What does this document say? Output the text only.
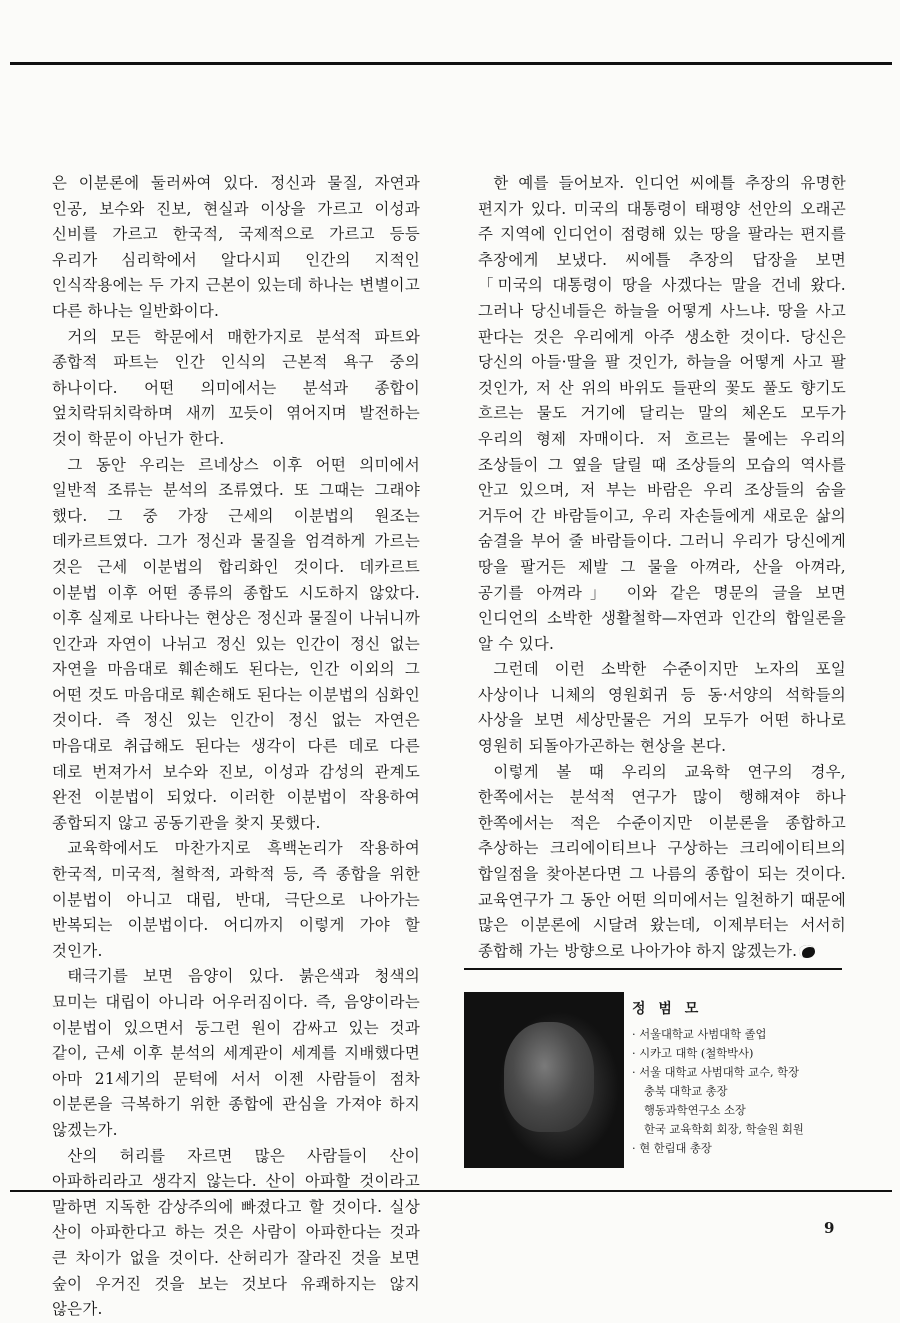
은 이분론에 둘러싸여 있다. 정신과 물질, 자연과 인공, 보수와 진보, 현실과 이상을 가르고 이성과 신비를 가르고 한국적, 국제적으로 가르고 등등 우리가 심리학에서 알다시피 인간의 지적인 인식작용에는 두 가지 근본이 있는데 하나는 변별이고 다른 하나는 일반화이다.

거의 모든 학문에서 매한가지로 분석적 파트와 종합적 파트는 인간 인식의 근본적 욕구 중의 하나이다. 어떤 의미에서는 분석과 종합이 엎치락뒤치락하며 새끼 꼬듯이 엮어지며 발전하는 것이 학문이 아닌가 한다.

그 동안 우리는 르네상스 이후 어떤 의미에서 일반적 조류는 분석의 조류였다. 또 그때는 그래야 했다. 그 중 가장 근세의 이분법의 원조는 데카르트였다. 그가 정신과 물질을 엄격하게 가르는 것은 근세 이분법의 합리화인 것이다. 데카르트 이분법 이후 어떤 종류의 종합도 시도하지 않았다. 이후 실제로 나타나는 현상은 정신과 물질이 나뉘니까 인간과 자연이 나뉘고 정신 있는 인간이 정신 없는 자연을 마음대로 훼손해도 된다는, 인간 이외의 그 어떤 것도 마음대로 훼손해도 된다는 이분법의 심화인 것이다. 즉 정신 있는 인간이 정신 없는 자연은 마음대로 취급해도 된다는 생각이 다른 데로 다른 데로 번져가서 보수와 진보, 이성과 감성의 관계도 완전 이분법이 되었다. 이러한 이분법이 작용하여 종합되지 않고 공동기관을 찾지 못했다.

교육학에서도 마찬가지로 흑백논리가 작용하여 한국적, 미국적, 철학적, 과학적 등, 즉 종합을 위한 이분법이 아니고 대립, 반대, 극단으로 나아가는 반복되는 이분법이다. 어디까지 이렇게 가야 할 것인가.

태극기를 보면 음양이 있다. 붉은색과 청색의 묘미는 대립이 아니라 어우러짐이다. 즉, 음양이라는 이분법이 있으면서 둥그런 원이 감싸고 있는 것과 같이, 근세 이후 분석의 세계관이 세계를 지배했다면 아마 21세기의 문턱에 서서 이젠 사람들이 점차 이분론을 극복하기 위한 종합에 관심을 가져야 하지 않겠는가.

산의 허리를 자르면 많은 사람들이 산이 아파하리라고 생각지 않는다. 산이 아파할 것이라고 말하면 지독한 감상주의에 빠졌다고 할 것이다. 실상 산이 아파한다고 하는 것은 사람이 아파한다는 것과 큰 차이가 없을 것이다. 산허리가 잘라진 것을 보면 숲이 우거진 것을 보는 것보다 유쾌하지는 않지 않은가.

한 예를 들어보자. 인디언 씨에틀 추장의 유명한 편지가 있다. 미국의 대통령이 태평양 선안의 오래곤 주 지역에 인디언이 점령해 있는 땅을 팔라는 편지를 추장에게 보냈다. 씨에틀 추장의 답장을 보면 「미국의 대통령이 땅을 사겠다는 말을 건네 왔다. 그러나 당신네들은 하늘을 어떻게 사느냐. 땅을 사고 판다는 것은 우리에게 아주 생소한 것이다. 당신은 당신의 아들·딸을 팔 것인가, 하늘을 어떻게 사고 팔 것인가, 저 산 위의 바위도 들판의 꽃도 풀도 향기도 흐르는 물도 거기에 달리는 말의 체온도 모두가 우리의 형제 자매이다. 저 흐르는 물에는 우리의 조상들이 그 옆을 달릴 때 조상들의 모습의 역사를 안고 있으며, 저 부는 바람은 우리 조상들의 숨을 거두어 간 바람들이고, 우리 자손들에게 새로운 삶의 숨결을 부어 줄 바람들이다. 그러니 우리가 당신에게 땅을 팔거든 제발 그 물을 아껴라, 산을 아껴라, 공기를 아껴라」 이와 같은 명문의 글을 보면 인디언의 소박한 생활철학—자연과 인간의 합일론을 알 수 있다.

그런데 이런 소박한 수준이지만 노자의 포일 사상이나 니체의 영원회귀 등 동·서양의 석학들의 사상을 보면 세상만물은 거의 모두가 어떤 하나로 영원히 되돌아가곤하는 현상을 본다.

이렇게 볼 때 우리의 교육학 연구의 경우, 한쪽에서는 분석적 연구가 많이 행해져야 하나 한쪽에서는 적은 수준이지만 이분론을 종합하고 추상하는 크리에이티브나 구상하는 크리에이티브의 합일점을 찾아본다면 그 나름의 종합이 되는 것이다. 교육연구가 그 동안 어떤 의미에서는 일천하기 때문에 많은 이분론에 시달려 왔는데, 이제부터는 서서히 종합해 가는 방향으로 나아가야 하지 않겠는가.

정 범 모
· 서울대학교 사범대학 졸업
· 시카고 대학 (철학박사)
· 서울 대학교 사범대학 교수, 학장
충북 대학교 총장
행동과학연구소 소장
한국 교육학회 회장, 학술원 회원
· 현 한림대 총장
9
